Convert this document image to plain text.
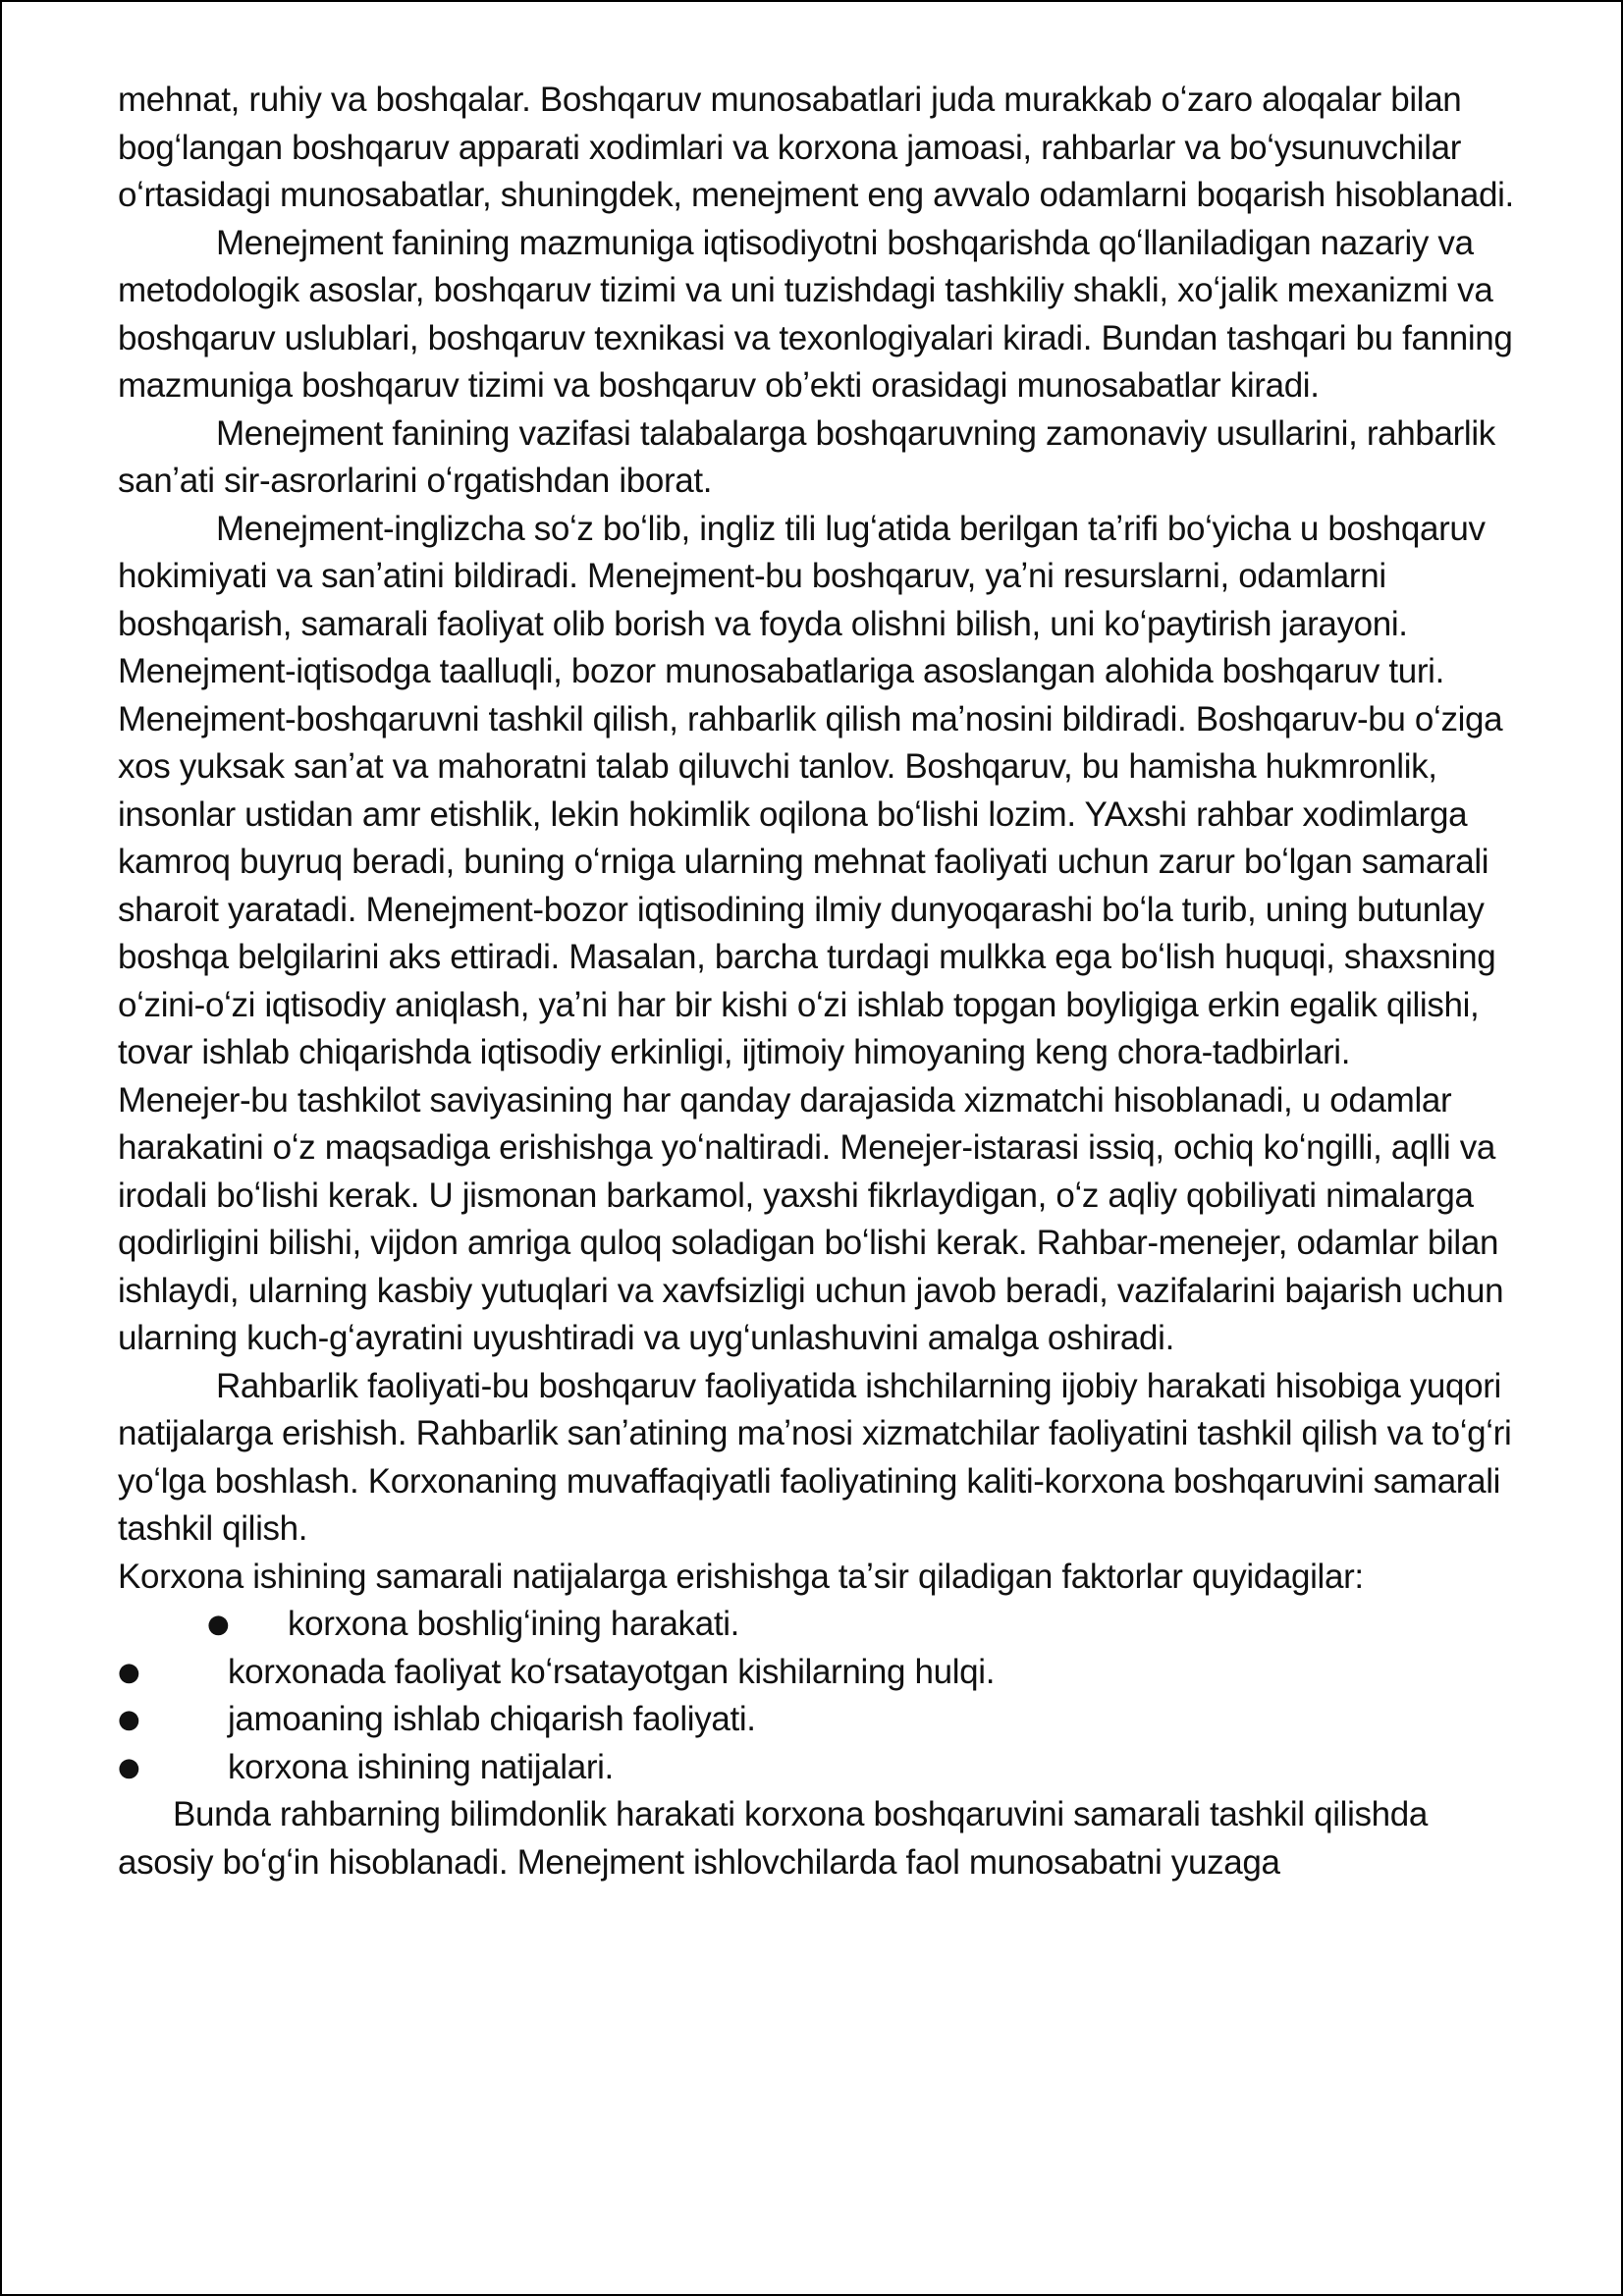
mehnat, ruhiy va boshqalar. Boshqaruv munosabatlari juda murakkab oʻzaro aloqalar bilan bogʻlangan boshqaruv apparati xodimlari va korxona jamoasi, rahbarlar va boʻysunuvchilar oʻrtasidagi munosabatlar, shuningdek, menejment eng avvalo odamlarni boqarish hisoblanadi.

Menejment fanining mazmuniga iqtisodiyotni boshqarishda qoʻllaniladigan nazariy va metodologik asoslar, boshqaruv tizimi va uni tuzishdagi tashkiliy shakli, xoʻjalik mexanizmi va boshqaruv uslublari, boshqaruv texnikasi va texonlogiyalari kiradi. Bundan tashqari bu fanning mazmuniga boshqaruv tizimi va boshqaruv obʼekti orasidagi munosabatlar kiradi.

Menejment fanining vazifasi talabalarga boshqaruvning zamonaviy usullarini, rahbarlik sanʼati sir-asrorlarini oʻrgatishdan iborat.

Menejment-inglizcha soʻz boʻlib, ingliz tili lugʻatida berilgan taʼrifi boʻyicha u boshqaruv hokimiyati va sanʼatini bildiradi. Menejment-bu boshqaruv, yaʼni resurslarni, odamlarni boshqarish, samarali faoliyat olib borish va foyda olishni bilish, uni koʻpaytirish jarayoni. Menejment-iqtisodga taalluqli, bozor munosabatlariga asoslangan alohida boshqaruv turi. Menejment-boshqaruvni tashkil qilish, rahbarlik qilish maʼnosini bildiradi. Boshqaruv-bu oʻziga xos yuksak sanʼat va mahoratni talab qiluvchi tanlov. Boshqaruv, bu hamisha hukmronlik, insonlar ustidan amr etishlik, lekin hokimlik oqilona boʻlishi lozim. YAxshi rahbar xodimlarga kamroq buyruq beradi, buning oʻrniga ularning mehnat faoliyati uchun zarur boʻlgan samarali sharoit yaratadi. Menejment-bozor iqtisodining ilmiy dunyoqarashi boʻla turib, uning butunlay boshqa belgilarini aks ettiradi. Masalan, barcha turdagi mulkka ega boʻlish huquqi, shaxsning oʻzini-oʻzi iqtisodiy aniqlash, yaʼni har bir kishi oʻzi ishlab topgan boyligiga erkin egalik qilishi, tovar ishlab chiqarishda iqtisodiy erkinligi, ijtimoiy himoyaning keng chora-tadbirlari.

Menejer-bu tashkilot saviyasining har qanday darajasida xizmatchi hisoblanadi, u odamlar harakatini oʻz maqsadiga erishishga yoʻnaltiradi. Menejer-istarasi issiq, ochiq koʻngilli, aqlli va irodali boʻlishi kerak. U jismonan barkamol, yaxshi fikrlaydigan, oʻz aqliy qobiliyati nimalarga qodirligini bilishi, vijdon amriga quloq soladigan boʻlishi kerak. Rahbar-menejer, odamlar bilan ishlaydi, ularning kasbiy yutuqlari va xavfsizligi uchun javob beradi, vazifalarini bajarish uchun ularning kuch-gʻayratini uyushtiradi va uygʻunlashuvini amalga oshiradi.

Rahbarlik faoliyati-bu boshqaruv faoliyatida ishchilarning ijobiy harakati hisobiga yuqori natijalarga erishish. Rahbarlik sanʼatining maʼnosi xizmatchilar faoliyatini tashkil qilish va toʻgʻri yoʻlga boshlash. Korxonaning muvaffaqiyatli faoliyatining kaliti-korxona boshqaruvini samarali tashkil qilish.

Korxona ishining samarali natijalarga erishishga taʼsir qiladigan faktorlar quyidagilar:

● korxona boshligʻining harakati.
●	korxonada faoliyat koʻrsatayotgan kishilarning hulqi.
●	jamoaning ishlab chiqarish faoliyati.
●	korxona ishining natijalari.

Bunda rahbarning bilimdonlik harakati korxona boshqaruvini samarali tashkil qilishda asosiy boʻgʻin hisoblanadi. Menejment ishlovchilarda faol munosabatni yuzaga
